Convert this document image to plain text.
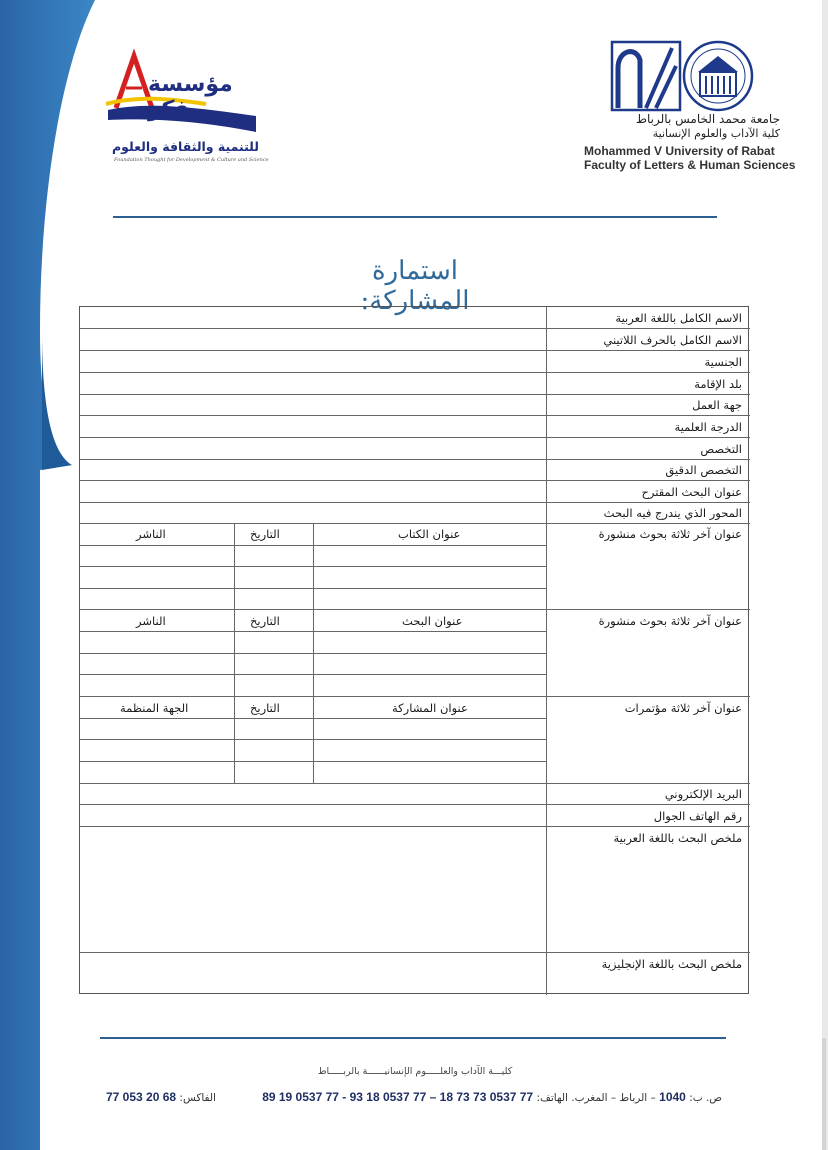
مؤسسة فكر
للتنمية والثقافة والعلوم
Foundation Thought for Development & Culture and Science
جامعة محمد الخامس بالرباط
كلية الآداب والعلوم الإنسانية
Mohammed V University of Rabat
Faculty of Letters & Human Sciences
استمارة المشاركة:
الاسم الكامل باللغة العربية
الاسم الكامل بالحرف اللاتيني
الجنسية
بلد الإقامة
جهة العمل
الدرجة العلمية
التخصص
التخصص الدقيق
عنوان البحث المقترح
المحور الذي يندرج فيه البحث
عنوان آخر ثلاثة بحوث منشورة
عنوان آخر ثلاثة بحوث منشورة
عنوان آخر ثلاثة مؤتمرات
البريد الإلكتروني
رقم الهاتف الجوال
ملخص البحث باللغة العربية
ملخص البحث باللغة الإنجليزية
عنوان الكتاب
التاريخ
الناشر
عنوان البحث
التاريخ
الناشر
عنوان المشاركة
التاريخ
الجهة المنظمة
كليـــة الآداب والعلـــــوم الإنسانيــــــة بالربـــــاط
ص. ب: 1040 – الرباط – المغرب. الهاتف: 89 19 0537 77 - 93 18 0537 77 – 18 73 73 0537 77
الفاكس: 77 053 20 68
